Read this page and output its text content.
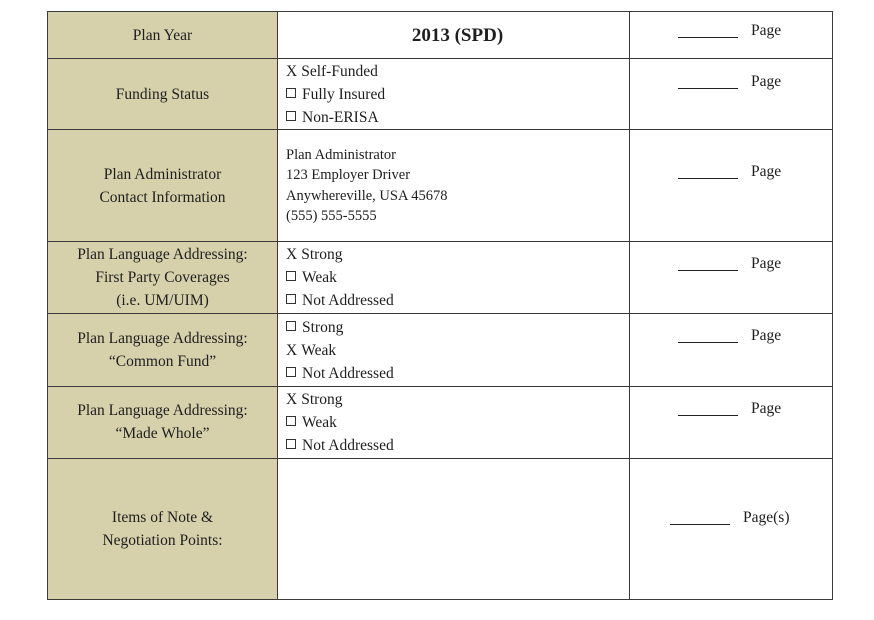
Plan Year	2013 (SPD)	Page

Funding Status	X Self-Funded
Fully Insured
Non-ERISA	Page

Plan Administrator
Contact Information	Plan Administrator
123 Employer Driver
Anywhereville, USA 45678
(555) 555-5555	Page

Plan Language Addressing:
First Party Coverages
(i.e. UM/UIM)	X Strong
Weak
Not Addressed	Page

Plan Language Addressing:
“Common Fund”	Strong
X Weak
Not Addressed	Page

Plan Language Addressing:
“Made Whole”	X Strong
Weak
Not Addressed	Page

Items of Note &
Negotiation Points:		Page(s)
